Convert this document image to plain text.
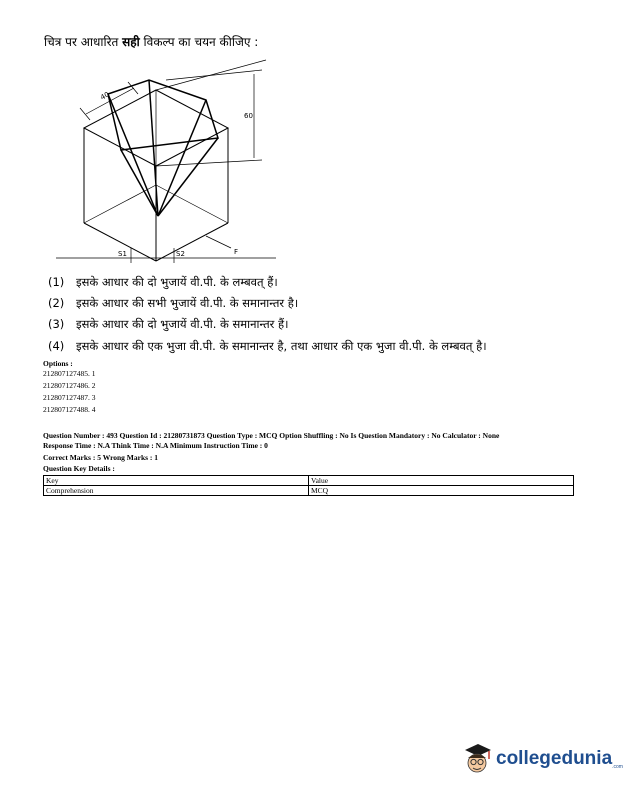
चित्र पर आधारित सही विकल्प का चयन कीजिए :
40
60
S1	S2	F
(1) इसके आधार की दो भुजायें वी.पी. के लम्बवत् हैं।
(2) इसके आधार की सभी भुजायें वी.पी. के समानान्तर है।
(3) इसके आधार की दो भुजायें वी.पी. के समानान्तर हैं।
(4) इसके आधार की एक भुजा वी.पी. के समानान्तर है, तथा आधार की एक भुजा वी.पी. के लम्बवत् है।
Options :
212807127485. 1
212807127486. 2
212807127487. 3
212807127488. 4
Question Number : 493 Question Id : 21280731873 Question Type : MCQ Option Shuffling : No Is Question Mandatory : No Calculator : None
Response Time : N.A Think Time : N.A Minimum Instruction Time : 0
Correct Marks : 5 Wrong Marks : 1
Question Key Details :
Key	Value
Comprehension	MCQ
collegedunia .com
